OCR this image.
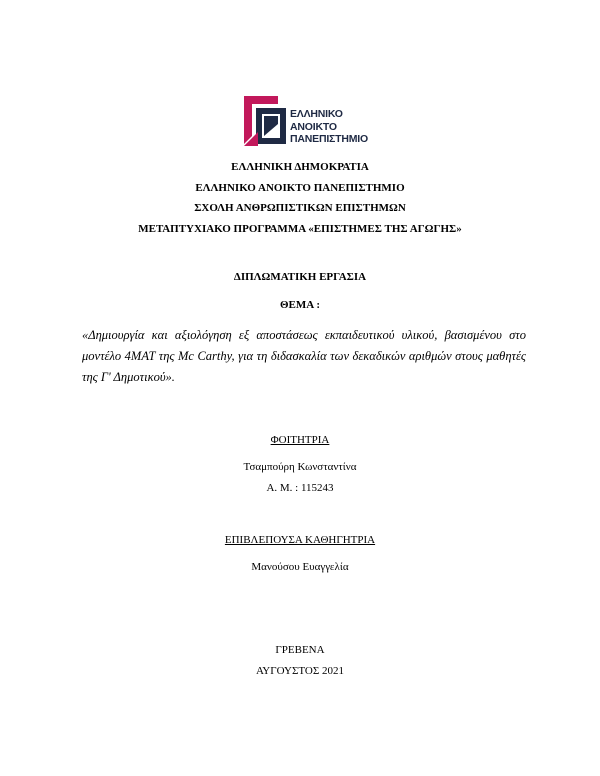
ΕΛΛΗΝΙΚΟ
ΑΝΟΙΚΤΟ
ΠΑΝΕΠΙΣΤΗΜΙΟ
ΕΛΛΗΝΙΚΗ ΔΗΜΟΚΡΑΤΙΑ
ΕΛΛΗΝΙΚΟ ΑΝΟΙΚΤΟ ΠΑΝΕΠΙΣΤΗΜΙΟ
ΣΧΟΛΗ ΑΝΘΡΩΠΙΣΤΙΚΩΝ ΕΠΙΣΤΗΜΩΝ
ΜΕΤΑΠΤΥΧΙΑΚΟ ΠΡΟΓΡΑΜΜΑ «ΕΠΙΣΤΗΜΕΣ ΤΗΣ ΑΓΩΓΗΣ»
ΔΙΠΛΩΜΑΤΙΚΗ ΕΡΓΑΣΙΑ
ΘΕΜΑ :
«Δημιουργία και αξιολόγηση εξ αποστάσεως εκπαιδευτικού υλικού, βασισμένου στο μοντέλο 4MAT της Mc Carthy, για τη διδασκαλία των δεκαδικών αριθμών στους μαθητές της Γ' Δημοτικού».
ΦΟΙΤΗΤΡΙΑ
Τσαμπούρη Κωνσταντίνα
Α. Μ. : 115243
ΕΠΙΒΛΕΠΟΥΣΑ ΚΑΘΗΓΗΤΡΙΑ
Μανούσου Ευαγγελία
ΓΡΕΒΕΝΑ
ΑΥΓΟΥΣΤΟΣ 2021
